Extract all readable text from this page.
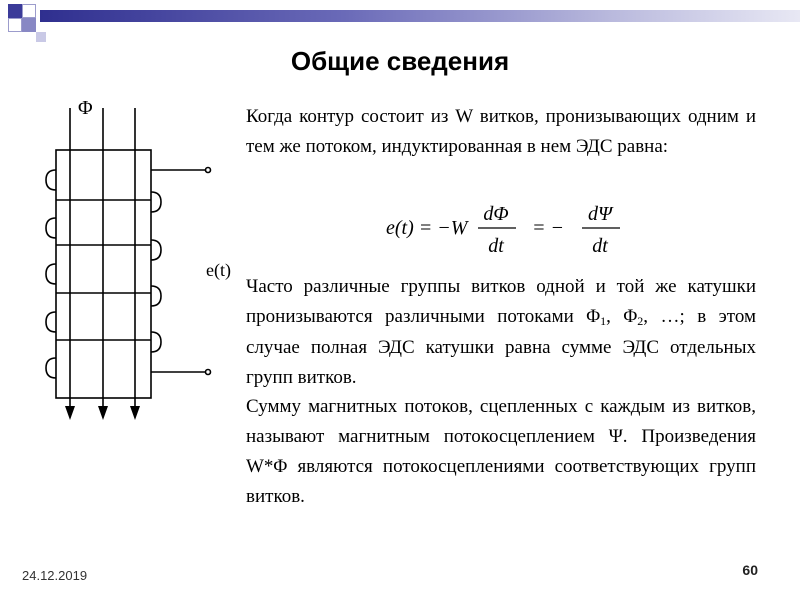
Общие сведения
Φ
e(t)

Когда контур состоит из W витков, пронизывающих одним и тем же потоком, индуктированная в нем ЭДС равна:

e(t) = −W
dΦ
dt
= −
dΨ
dt

Часто различные группы витков одной и той же катушки пронизываются различными потоками $\Phi_1$, $\Phi_2$, …; в этом случае полная ЭДС катушки равна сумме ЭДС отдельных групп витков.

Сумму магнитных потоков, сцепленных с каждым из витков, называют магнитным потокосцеплением Ψ. Произведения W*Φ являются потокосцеплениями соответствующих групп витков.

24.12.2019	60
